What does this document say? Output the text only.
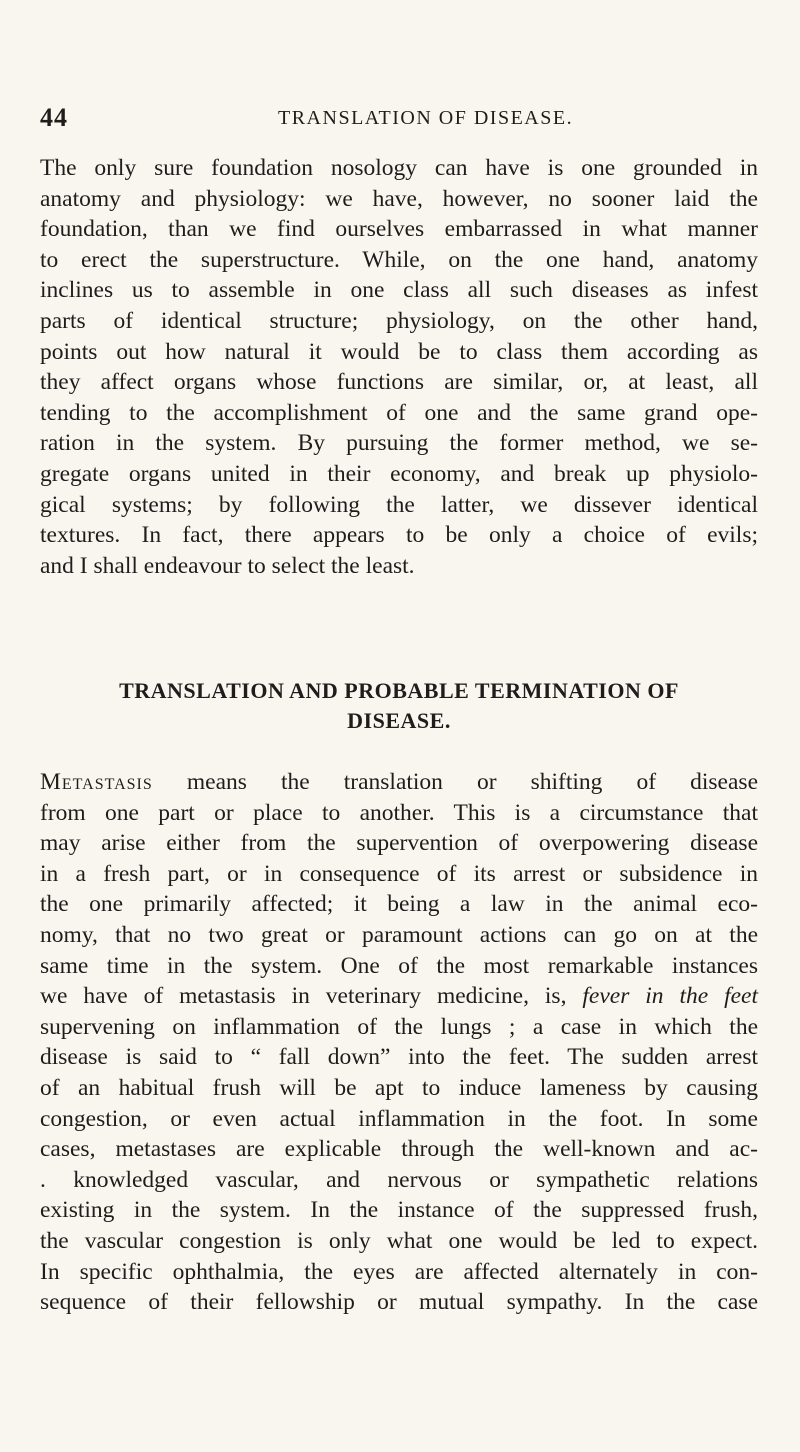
44	TRANSLATION OF DISEASE.
The only sure foundation nosology can have is one grounded in
anatomy and physiology: we have, however, no sooner laid the
foundation, than we find ourselves embarrassed in what manner
to erect the superstructure. While, on the one hand, anatomy
inclines us to assemble in one class all such diseases as infest
parts of identical structure; physiology, on the other hand,
points out how natural it would be to class them according as
they affect organs whose functions are similar, or, at least, all
tending to the accomplishment of one and the same grand ope-
ration in the system. By pursuing the former method, we se-
gregate organs united in their economy, and break up physiolo-
gical systems; by following the latter, we dissever identical
textures. In fact, there appears to be only a choice of evils;
and I shall endeavour to select the least.
TRANSLATION AND PROBABLE TERMINATION OF
DISEASE.
Metastasis means the translation or shifting of disease
from one part or place to another. This is a circumstance that
may arise either from the supervention of overpowering disease
in a fresh part, or in consequence of its arrest or subsidence in
the one primarily affected; it being a law in the animal eco-
nomy, that no two great or paramount actions can go on at the
same time in the system. One of the most remarkable instances
we have of metastasis in veterinary medicine, is, fever in the feet
supervening on inflammation of the lungs ; a case in which the
disease is said to “ fall down” into the feet. The sudden arrest
of an habitual frush will be apt to induce lameness by causing
congestion, or even actual inflammation in the foot. In some
cases, metastases are explicable through the well-known and ac-
. knowledged vascular, and nervous or sympathetic relations
existing in the system. In the instance of the suppressed frush,
the vascular congestion is only what one would be led to expect.
In specific ophthalmia, the eyes are affected alternately in con-
sequence of their fellowship or mutual sympathy. In the case
